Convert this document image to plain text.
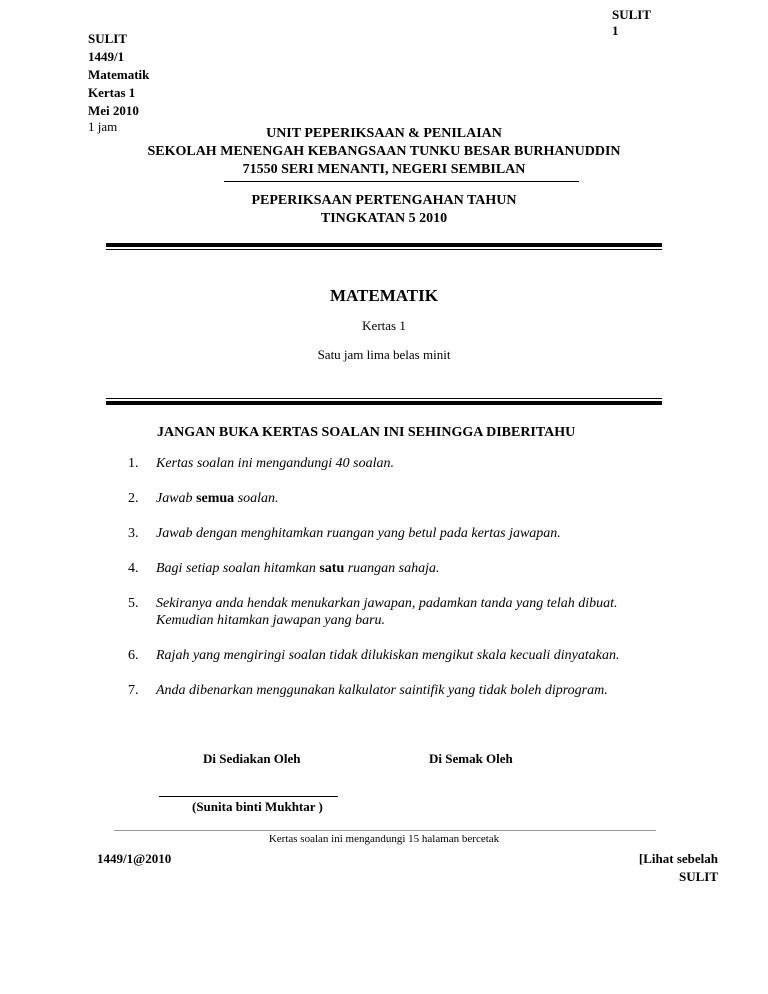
SULIT
1
SULIT
1449/1
Matematik
Kertas 1
Mei 2010
1 jam	UNIT PEPERIKSAAN & PENILAIAN
SEKOLAH MENENGAH KEBANGSAAN TUNKU BESAR BURHANUDDIN
71550 SERI MENANTI, NEGERI SEMBILAN
PEPERIKSAAN PERTENGAHAN TAHUN
TINGKATAN 5 2010
MATEMATIK
Kertas 1
Satu jam lima belas minit
JANGAN BUKA KERTAS SOALAN INI SEHINGGA DIBERITAHU
1. Kertas soalan ini mengandungi 40 soalan.
2. Jawab semua soalan.
3. Jawab dengan menghitamkan ruangan yang betul pada kertas jawapan.
4. Bagi setiap soalan hitamkan satu ruangan sahaja.
5. Sekiranya anda hendak menukarkan jawapan, padamkan tanda yang telah dibuat. Kemudian hitamkan jawapan yang baru.
6. Rajah yang mengiringi soalan tidak dilukiskan mengikut skala kecuali dinyatakan.
7. Anda dibenarkan menggunakan kalkulator saintifik yang tidak boleh diprogram.
Di Sediakan Oleh	Di Semak Oleh
(Sunita binti Mukhtar )
Kertas soalan ini mengandungi 15 halaman bercetak
1449/1@2010	[Lihat sebelah
SULIT
